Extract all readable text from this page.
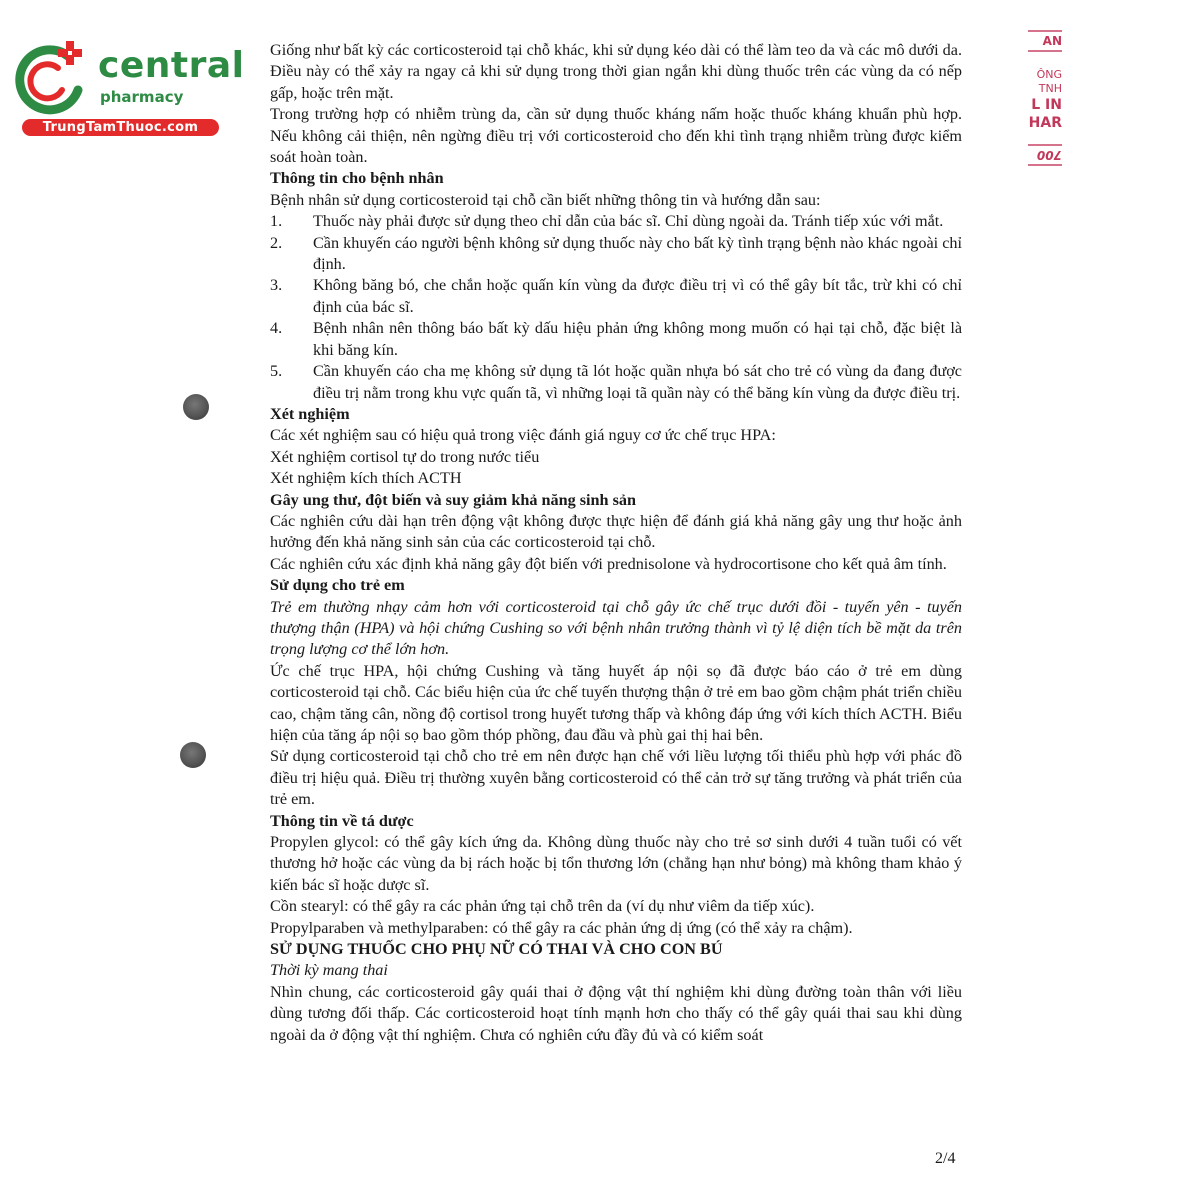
central
pharmacy
TrungTamThuoc.com
AN
ÔNG
TNH
L IN
HAR
700

Giống như bất kỳ các corticosteroid tại chỗ khác, khi sử dụng kéo dài có thể làm teo da và các mô dưới da. Điều này có thể xảy ra ngay cả khi sử dụng trong thời gian ngắn khi dùng thuốc trên các vùng da có nếp gấp, hoặc trên mặt.

Trong trường hợp có nhiễm trùng da, cần sử dụng thuốc kháng nấm hoặc thuốc kháng khuẩn phù hợp. Nếu không cải thiện, nên ngừng điều trị với corticosteroid cho đến khi tình trạng nhiễm trùng được kiểm soát hoàn toàn.

Thông tin cho bệnh nhân

Bệnh nhân sử dụng corticosteroid tại chỗ cần biết những thông tin và hướng dẫn sau:

1. Thuốc này phải được sử dụng theo chỉ dẫn của bác sĩ. Chỉ dùng ngoài da. Tránh tiếp xúc với mắt.
2. Cần khuyến cáo người bệnh không sử dụng thuốc này cho bất kỳ tình trạng bệnh nào khác ngoài chỉ định.
3. Không băng bó, che chắn hoặc quấn kín vùng da được điều trị vì có thể gây bít tắc, trừ khi có chỉ định của bác sĩ.
4. Bệnh nhân nên thông báo bất kỳ dấu hiệu phản ứng không mong muốn có hại tại chỗ, đặc biệt là khi băng kín.
5. Cần khuyến cáo cha mẹ không sử dụng tã lót hoặc quần nhựa bó sát cho trẻ có vùng da đang được điều trị nằm trong khu vực quấn tã, vì những loại tã quần này có thể băng kín vùng da được điều trị.

Xét nghiệm

Các xét nghiệm sau có hiệu quả trong việc đánh giá nguy cơ ức chế trục HPA:

Xét nghiệm cortisol tự do trong nước tiểu

Xét nghiệm kích thích ACTH

Gây ung thư, đột biến và suy giảm khả năng sinh sản

Các nghiên cứu dài hạn trên động vật không được thực hiện để đánh giá khả năng gây ung thư hoặc ảnh hưởng đến khả năng sinh sản của các corticosteroid tại chỗ.

Các nghiên cứu xác định khả năng gây đột biến với prednisolone và hydrocortisone cho kết quả âm tính.

Sử dụng cho trẻ em

Trẻ em thường nhạy cảm hơn với corticosteroid tại chỗ gây ức chế trục dưới đồi - tuyến yên - tuyến thượng thận (HPA) và hội chứng Cushing so với bệnh nhân trưởng thành vì tỷ lệ diện tích bề mặt da trên trọng lượng cơ thể lớn hơn.

Ức chế trục HPA, hội chứng Cushing và tăng huyết áp nội sọ đã được báo cáo ở trẻ em dùng corticosteroid tại chỗ. Các biểu hiện của ức chế tuyến thượng thận ở trẻ em bao gồm chậm phát triển chiều cao, chậm tăng cân, nồng độ cortisol trong huyết tương thấp và không đáp ứng với kích thích ACTH. Biểu hiện của tăng áp nội sọ bao gồm thóp phồng, đau đầu và phù gai thị hai bên.

Sử dụng corticosteroid tại chỗ cho trẻ em nên được hạn chế với liều lượng tối thiểu phù hợp với phác đồ điều trị hiệu quả. Điều trị thường xuyên bằng corticosteroid có thể cản trở sự tăng trưởng và phát triển của trẻ em.

Thông tin về tá dược

Propylen glycol: có thể gây kích ứng da. Không dùng thuốc này cho trẻ sơ sinh dưới 4 tuần tuổi có vết thương hở hoặc các vùng da bị rách hoặc bị tổn thương lớn (chẳng hạn như bỏng) mà không tham khảo ý kiến bác sĩ hoặc dược sĩ.

Cồn stearyl: có thể gây ra các phản ứng tại chỗ trên da (ví dụ như viêm da tiếp xúc).

Propylparaben và methylparaben: có thể gây ra các phản ứng dị ứng (có thể xảy ra chậm).

SỬ DỤNG THUỐC CHO PHỤ NỮ CÓ THAI VÀ CHO CON BÚ

Thời kỳ mang thai

Nhìn chung, các corticosteroid gây quái thai ở động vật thí nghiệm khi dùng đường toàn thân với liều dùng tương đối thấp. Các corticosteroid hoạt tính mạnh hơn cho thấy có thể gây quái thai sau khi dùng ngoài da ở động vật thí nghiệm. Chưa có nghiên cứu đầy đủ và có kiểm soát

2/4
